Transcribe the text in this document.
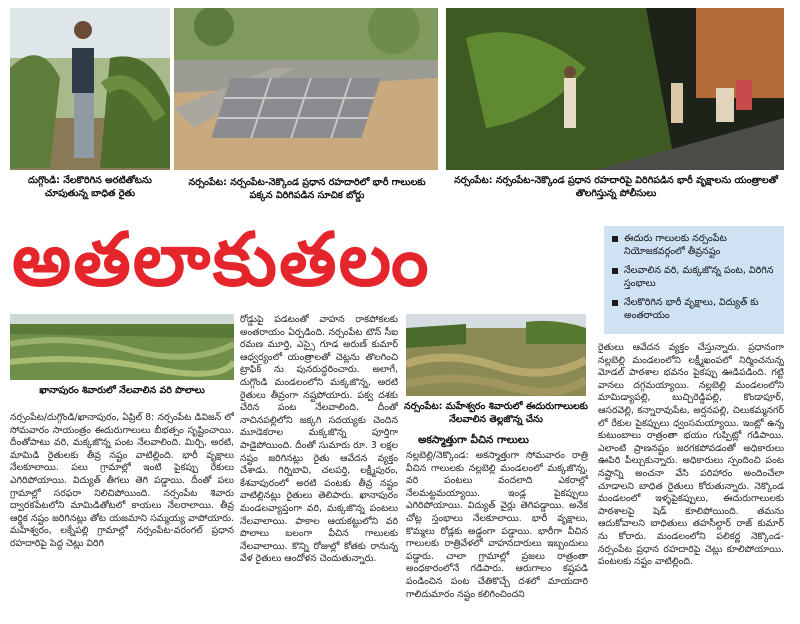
దుగ్గొండి: నేలకొరిగిన అరటితోటను చూపుతున్న బాధిత రైతు
నర్సంపేట: నర్సంపేట-నెక్కొండ ప్రధాన రహదారిలో భారీ గాలులకు పక్కన విరిగిపడిన సూచిక బోర్డు
నర్సంపేట: నర్సంపేట-నెక్కొండ ప్రధాన రహదారిపై విరిగిపడిన భారీ వృక్షాలను యంత్రాలతో తొలగిస్తున్న పోలీసులు
అతలాకుతలం	ఈదురు గాలులకు నర్సంపేట నియోజకవర్గంలో తీవ్రనష్టం
నేలవాలిన వరి, మక్కజొన్న పంట, విరిగిన స్తంభాలు
నేలకొరిగిన భారీ వృక్షాలు, విద్యుత్ కు అంతరాయం
ఖానాపురం శివారులో నేలవాలిన వరి పొలాలు
నర్సంపేట: మహేశ్వరం శివారులో ఈదురుగాలులకు నేలవాలిన తెల్లజొన్న చేను
నర్సంపేట/దుగ్గొండి/ఖానాపురం, ఏప్రిల్ 8: నర్సంపేట డివిజన్ లో సోమవారం సాయంత్రం ఈదురుగాలులు బీభత్సం సృష్టించాయి. దీంతోపాటు వరి, మక్కజొన్న పంట నేలవాలింది. మిర్చి, అరటి, మామిడి రైతులకు తీవ్ర నష్టం వాటిల్లింది. భారీ వృక్షాలు నేలకూలాయి. పలు గ్రామాల్లో ఇంటి పైకప్పు రేకులు ఎగిరిపోయాయి. విద్యుత్ తీగలు తెగి పడ్డాయి. దీంతో పలు గ్రామాల్లో సరఫరా నిలిచిపోయింది. నర్సంపేట శివారు ద్వారకపేటలోని మామిడితోటలో కాయలు నేలరాలాయి. తీవ్ర ఆర్థిక నష్టం జరిగినట్లు తోట యజమాని సమ్మయ్య వాపోయారు. మహేశ్వరం, లక్నేపల్లి గ్రామాల్లో నర్సంపేట-వరంగల్ ప్రధాన రహదారిపై పెద్ద చెట్లు విరిగి
రోడ్డుపై పడటంతో వాహన రాకపోకలకు అంతరాయం ఏర్పడింది. నర్సంపేట టౌన్ సీఐ రమణ మూర్తి, ఎస్సై గూడ అరుణ్ కుమార్ ఆధ్వర్యంలో యంత్రాలతో చెట్లను తొలగించి ట్రాఫిక్ ను పునరుద్ధరించారు. అలాగే, దుగ్గొండి మండలంలోని మక్కజొన్న, అరటి రైతులు తీవ్రంగా నష్టపోయారు. పక్వ దశకు చేరిన పంట నేలవాలింది. దీంతో నాచినపల్లిలోని జక్కగి సదయ్యకు చెందిన మూడెకరాల మక్కజొన్న పూర్తిగా పాడైపోయింది. దీంతో సుమారు రూ. 3 లక్షల నష్టం జరిగినట్లు రైతు ఆవేదన వ్యక్తం చేశాడు. గిర్నిబావి, చలపర్తి, లక్ష్మీపురం, కేశవాపురంలో అరటి పంటకు తీవ్ర నష్టం వాటిల్లినట్లు రైతులు తెలిపారు. ఖానాపురం మండలవ్యాప్తంగా వరి, మక్కజొన్న పంటలు నేలవాలాయి. పాకాల ఆయకట్టులోని వరి పొలాలు బలంగా వీచిన గాలులకు నేలవాలాయి. కొన్ని రోజుల్లో కోతకు రానున్న వేళ రైతులు ఆందోళన చెందుతున్నారు.
అకస్మాత్తుగా వీచిన గాలులు
నల్లబెల్లి/నెక్కొండ: అకస్మాత్తుగా సోమవారం రాత్రి వీచిన గాలులకు నల్లబెల్లి మండలంలో మక్కజొన్న, వరి పంటలు వందలాది ఎకరాల్లో నేలమట్టమయ్యాయి. ఇండ్ల పైకప్పులు ఎగిరిపోయాయి. విద్యుత్ వైర్లు తెగిపడ్డాయి. అనేక చోట్ల స్తంభాలు నేలకూలాయి. భారీ వృక్షాలు, కొమ్మలు రోడ్లకు అడ్డంగా పడ్డాయి. భారీగా వీచిన గాలులకు రాత్రివేళలో వాహనదారులు ఇబ్బందులు పడ్డారు. చాలా గ్రామాల్లో ప్రజలు రాత్రంతా అంధకారంలోనే గడిపారు. ఆరుగాలం కష్టపడి పండించిన పంట చేతికొచ్చే దశలో మాయదారి గాలిదుమారం నష్టం కలిగించిందని
రైతులు ఆవేదన వ్యక్తం చేస్తున్నారు. ప్రధానంగా నల్లబెల్లి మండలంలోని లక్ష్మీఖంపలో నిర్మించనున్న మోడల్ పాఠశాల భవనం పైకప్పు ఊడిపడింది. గట్టి వానలు దగ్గమయ్యాయి. నల్లబెల్లి మండలంలోని మామిడ్యాపల్లి, బుచ్చిరెడ్డిపల్లి, కొండాపూర్, ఆసరవెల్లి, కన్నారావుపేట, అర్షనపల్లి, చిలుకమ్మనగర్ లో రేకుల పైకప్పులు ధ్వంసమయ్యాయి. ఇంట్లో ఉన్న కుటుంబాలు రాత్రంతా భయం గుప్పిట్లో గడిపాయి. ఎలాంటి ప్రాణనష్టం జరగకపోవడంతో అధికారులు ఊపిరి పీల్చుకున్నారు. అధికారులు స్పందించి పంట నష్టాన్ని అంచనా వేసి పరిహారం అందించేలా చూడాలని బాధిత రైతులు కోరుతున్నారు. నెక్కొండ మండలంలో ఇళ్ళపైకప్పులు, ఈదురుగాలులకు పాఠశాలపై షెడ్ కూలిపోయింది. తమను ఆదుకోవాలని బాధితులు తహసీల్దార్ రాజ్ కుమార్ ను కోరారు. మండలంలోని పలికర్ణ నెక్కొండ-నర్సంపేట ప్రధాన రహదారిపై చెట్లు కూలిపోయాయి. పంటలకు నష్టం వాటిల్లింది.
